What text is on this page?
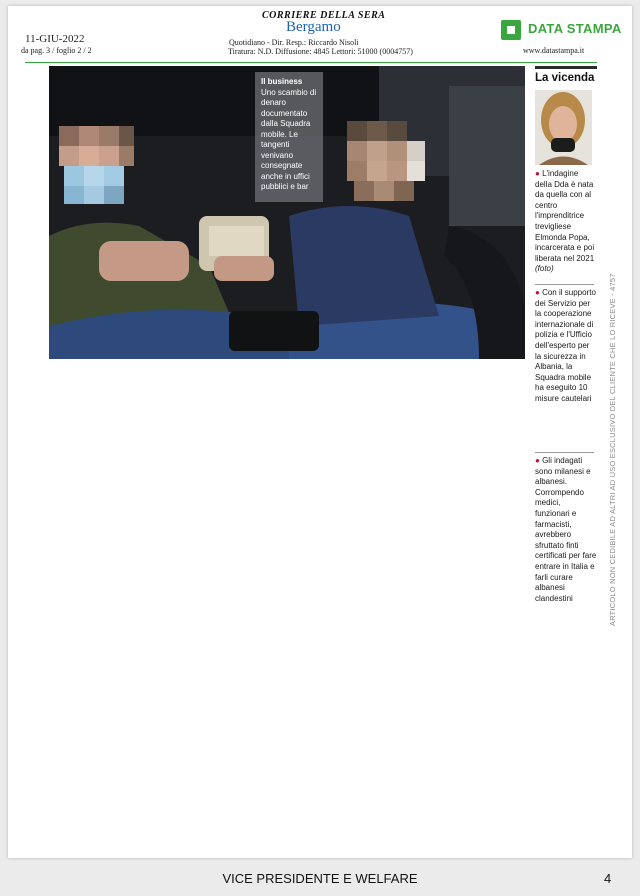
11-GIU-2022
da pag. 3 / foglio 2 / 2
CORRIERE DELLA SERA
Bergamo
Quotidiano - Dir. Resp.: Riccardo Nisoli
Tiratura: N.D. Diffusione: 4845 Lettori: 51000 (0004757)
DATA STAMPA
www.datastampa.it
Il business
Uno scambio di denaro documentato dalla Squadra mobile. Le tangenti venivano consegnate anche in uffici pubblici e bar
La vicenda
● L'indagine della Dda è nata da quella con al centro l'imprenditrice trevigliese Elmonda Popa, incarcerata e poi liberata nel 2021 (foto)
● Con il supporto dei Servizio per la cooperazione internazionale di polizia e l'Ufficio dell'esperto per la sicurezza in Albania, la Squadra mobile ha eseguito 10 misure cautelari
● Gli indagati sono milanesi e albanesi. Corrompendo medici, funzionari e farmacisti, avrebbero sfruttato finti certificati per fare entrare in Italia e farli curare albanesi clandestini	ARTICOLO NON CEDIBILE AD ALTRI AD USO ESCLUSIVO DEL CLIENTE CHE LO RICEVE - 4757
VICE PRESIDENTE E WELFARE	4
